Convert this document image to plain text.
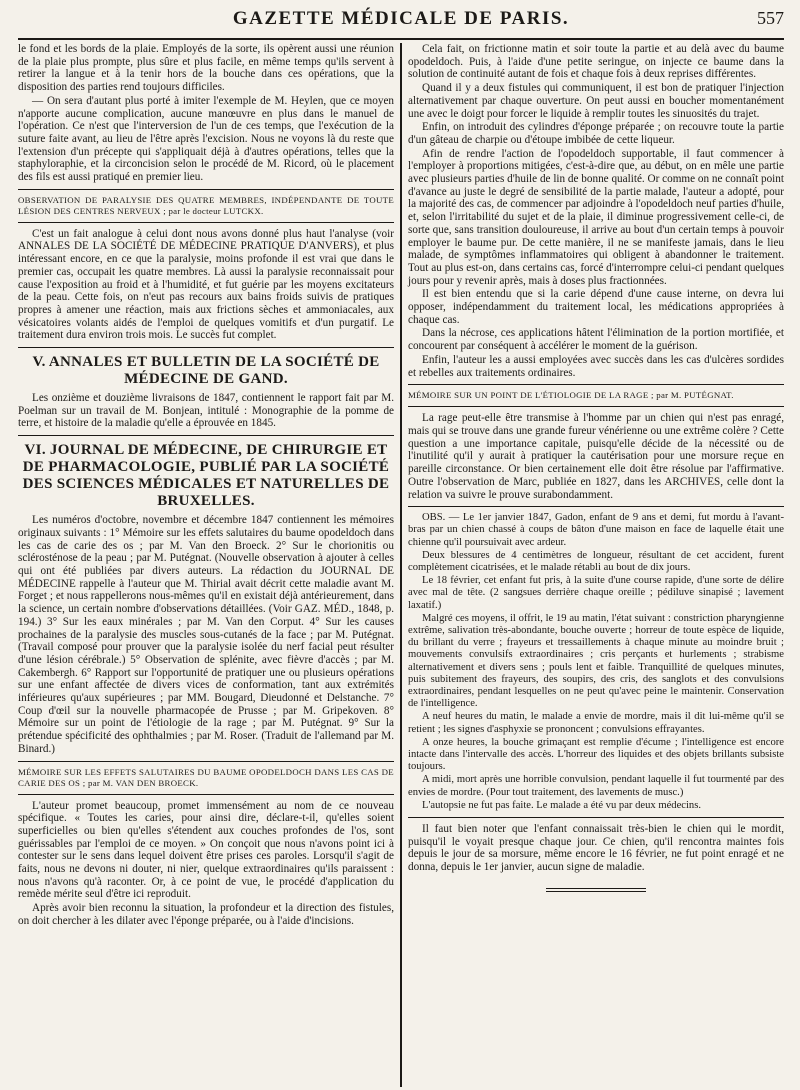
GAZETTE MÉDICALE DE PARIS.	557

le fond et les bords de la plaie. Employés de la sorte, ils opèrent aussi une réunion de la plaie plus prompte, plus sûre et plus facile, en même temps qu'ils servent à retirer la langue et à la tenir hors de la bouche dans ces opérations, que la disposition des parties rend toujours difficiles.

— On sera d'autant plus porté à imiter l'exemple de M. Heylen, que ce moyen n'apporte aucune complication, aucune manœuvre en plus dans le manuel de l'opération. Ce n'est que l'interversion de l'un de ces temps, que l'exécution de la suture faite avant, au lieu de l'être après l'excision. Nous ne voyons là du reste que l'extension d'un précepte qui s'appliquait déjà à d'autres opérations, telles que la staphyloraphie, et la circoncision selon le procédé de M. Ricord, où le placement des fils est aussi pratiqué en premier lieu.

OBSERVATION DE PARALYSIE DES QUATRE MEMBRES, INDÉPENDANTE DE TOUTE LÉSION DES CENTRES NERVEUX ; par le docteur LUTCKX.

C'est un fait analogue à celui dont nous avons donné plus haut l'analyse (voir ANNALES DE LA SOCIÉTÉ DE MÉDECINE PRATIQUE D'ANVERS), et plus intéressant encore, en ce que la paralysie, moins profonde il est vrai que dans le premier cas, occupait les quatre membres. Là aussi la paralysie reconnaissait pour cause l'exposition au froid et à l'humidité, et fut guérie par les moyens excitateurs de la peau. Cette fois, on n'eut pas recours aux bains froids suivis de pratiques propres à amener une réaction, mais aux frictions sèches et ammoniacales, aux vésicatoires volants aidés de l'emploi de quelques vomitifs et d'un purgatif. Le traitement dura environ trois mois. Le succès fut complet.

V. ANNALES ET BULLETIN DE LA SOCIÉTÉ DE MÉDECINE DE GAND.

Les onzième et douzième livraisons de 1847, contiennent le rapport fait par M. Poelman sur un travail de M. Bonjean, intitulé : Monographie de la pomme de terre, et histoire de la maladie qu'elle a éprouvée en 1845.

VI. JOURNAL DE MÉDECINE, DE CHIRURGIE ET DE PHARMACOLOGIE, PUBLIÉ PAR LA SOCIÉTÉ DES SCIENCES MÉDICALES ET NATURELLES DE BRUXELLES.

Les numéros d'octobre, novembre et décembre 1847 contiennent les mémoires originaux suivants : 1° Mémoire sur les effets salutaires du baume opodeldoch dans les cas de carie des os ; par M. Van den Broeck. 2° Sur le chorionitis ou sclérosténose de la peau ; par M. Putégnat. (Nouvelle observation à ajouter à celles qui ont été publiées par divers auteurs. La rédaction du JOURNAL DE MÉDECINE rappelle à l'auteur que M. Thirial avait décrit cette maladie avant M. Forget ; et nous rappellerons nous-mêmes qu'il en existait déjà antérieurement, dans la science, un certain nombre d'observations détaillées. (Voir GAZ. MÉD., 1848, p. 194.) 3° Sur les eaux minérales ; par M. Van den Corput. 4° Sur les causes prochaines de la paralysie des muscles sous-cutanés de la face ; par M. Putégnat. (Travail composé pour prouver que la paralysie isolée du nerf facial peut résulter d'une lésion cérébrale.) 5° Observation de splénite, avec fièvre d'accès ; par M. Cakembergh. 6° Rapport sur l'opportunité de pratiquer une ou plusieurs opérations sur une enfant affectée de divers vices de conformation, tant aux extrémités inférieures qu'aux supérieures ; par MM. Bougard, Dieudonné et Delstanche. 7° Coup d'œil sur la nouvelle pharmacopée de Prusse ; par M. Gripekoven. 8° Mémoire sur un point de l'étiologie de la rage ; par M. Putégnat. 9° Sur la prétendue spécificité des ophthalmies ; par M. Roser. (Traduit de l'allemand par M. Binard.)

MÉMOIRE SUR LES EFFETS SALUTAIRES DU BAUME OPODELDOCH DANS LES CAS DE CARIE DES OS ; par M. VAN DEN BROECK.

L'auteur promet beaucoup, promet immensément au nom de ce nouveau spécifique. « Toutes les caries, pour ainsi dire, déclare-t-il, qu'elles soient superficielles ou bien qu'elles s'étendent aux couches profondes de l'os, sont guérissables par l'emploi de ce moyen. » On conçoit que nous n'avons point ici à contester sur le sens dans lequel doivent être prises ces paroles. Lorsqu'il s'agit de faits, nous ne devons ni douter, ni nier, quelque extraordinaires qu'ils paraissent : nous n'avons qu'à raconter. Or, à ce point de vue, le procédé d'application du remède mérite seul d'être ici reproduit.

Après avoir bien reconnu la situation, la profondeur et la direction des fistules, on doit chercher à les dilater avec l'éponge préparée, ou à l'aide d'incisions.

Cela fait, on frictionne matin et soir toute la partie et au delà avec du baume opodeldoch. Puis, à l'aide d'une petite seringue, on injecte ce baume dans la solution de continuité autant de fois et chaque fois à deux reprises différentes.

Quand il y a deux fistules qui communiquent, il est bon de pratiquer l'injection alternativement par chaque ouverture. On peut aussi en boucher momentanément une avec le doigt pour forcer le liquide à remplir toutes les sinuosités du trajet.

Enfin, on introduit des cylindres d'éponge préparée ; on recouvre toute la partie d'un gâteau de charpie ou d'étoupe imbibée de cette liqueur.

Afin de rendre l'action de l'opodeldoch supportable, il faut commencer à l'employer à proportions mitigées, c'est-à-dire que, au début, on en mêle une partie avec plusieurs parties d'huile de lin de bonne qualité. Or comme on ne connaît point d'avance au juste le degré de sensibilité de la partie malade, l'auteur a adopté, pour la majorité des cas, de commencer par adjoindre à l'opodeldoch neuf parties d'huile, et, selon l'irritabilité du sujet et de la plaie, il diminue progressivement celle-ci, de sorte que, sans transition douloureuse, il arrive au bout d'un certain temps à pouvoir employer le baume pur. De cette manière, il ne se manifeste jamais, dans le lieu malade, de symptômes inflammatoires qui obligent à abandonner le traitement. Tout au plus est-on, dans certains cas, forcé d'interrompre celui-ci pendant quelques jours pour y revenir après, mais à doses plus fractionnées.

Il est bien entendu que si la carie dépend d'une cause interne, on devra lui opposer, indépendamment du traitement local, les médications appropriées à chaque cas.

Dans la nécrose, ces applications hâtent l'élimination de la portion mortifiée, et concourent par conséquent à accélérer le moment de la guérison.

Enfin, l'auteur les a aussi employées avec succès dans les cas d'ulcères sordides et rebelles aux traitements ordinaires.

MÉMOIRE SUR UN POINT DE L'ÉTIOLOGIE DE LA RAGE ; par M. PUTÉGNAT.

La rage peut-elle être transmise à l'homme par un chien qui n'est pas enragé, mais qui se trouve dans une grande fureur vénérienne ou une extrême colère ? Cette question a une importance capitale, puisqu'elle décide de la nécessité ou de l'inutilité qu'il y aurait à pratiquer la cautérisation pour une morsure reçue en pareille circonstance. Or bien certainement elle doit être résolue par l'affirmative. Outre l'observation de Marc, publiée en 1827, dans les ARCHIVES, celle dont la relation va suivre le prouve surabondamment.

OBS. — Le 1er janvier 1847, Gadon, enfant de 9 ans et demi, fut mordu à l'avant-bras par un chien chassé à coups de bâton d'une maison en face de laquelle était une chienne qu'il poursuivait avec ardeur.

Deux blessures de 4 centimètres de longueur, résultant de cet accident, furent complètement cicatrisées, et le malade rétabli au bout de dix jours.

Le 18 février, cet enfant fut pris, à la suite d'une course rapide, d'une sorte de délire avec mal de tête. (2 sangsues derrière chaque oreille ; pédiluve sinapisé ; lavement laxatif.)

Malgré ces moyens, il offrit, le 19 au matin, l'état suivant : constriction pharyngienne extrême, salivation très-abondante, bouche ouverte ; horreur de toute espèce de liquide, du brillant du verre ; frayeurs et tressaillements à chaque minute au moindre bruit ; mouvements convulsifs extraordinaires ; cris perçants et hurlements ; strabisme alternativement et divers sens ; pouls lent et faible. Tranquillité de quelques minutes, puis subitement des frayeurs, des soupirs, des cris, des sanglots et des convulsions extraordinaires, pendant lesquelles on ne peut qu'avec peine le maintenir. Conservation de l'intelligence.

A neuf heures du matin, le malade a envie de mordre, mais il dit lui-même qu'il se retient ; les signes d'asphyxie se prononcent ; convulsions effrayantes.

A onze heures, la bouche grimaçant est remplie d'écume ; l'intelligence est encore intacte dans l'intervalle des accès. L'horreur des liquides et des objets brillants subsiste toujours.

A midi, mort après une horrible convulsion, pendant laquelle il fut tourmenté par des envies de mordre. (Pour tout traitement, des lavements de musc.)

L'autopsie ne fut pas faite. Le malade a été vu par deux médecins.

Il faut bien noter que l'enfant connaissait très-bien le chien qui le mordit, puisqu'il le voyait presque chaque jour. Ce chien, qu'il rencontra maintes fois depuis le jour de sa morsure, même encore le 16 février, ne fut point enragé et ne donna, depuis le 1er janvier, aucun signe de maladie.
